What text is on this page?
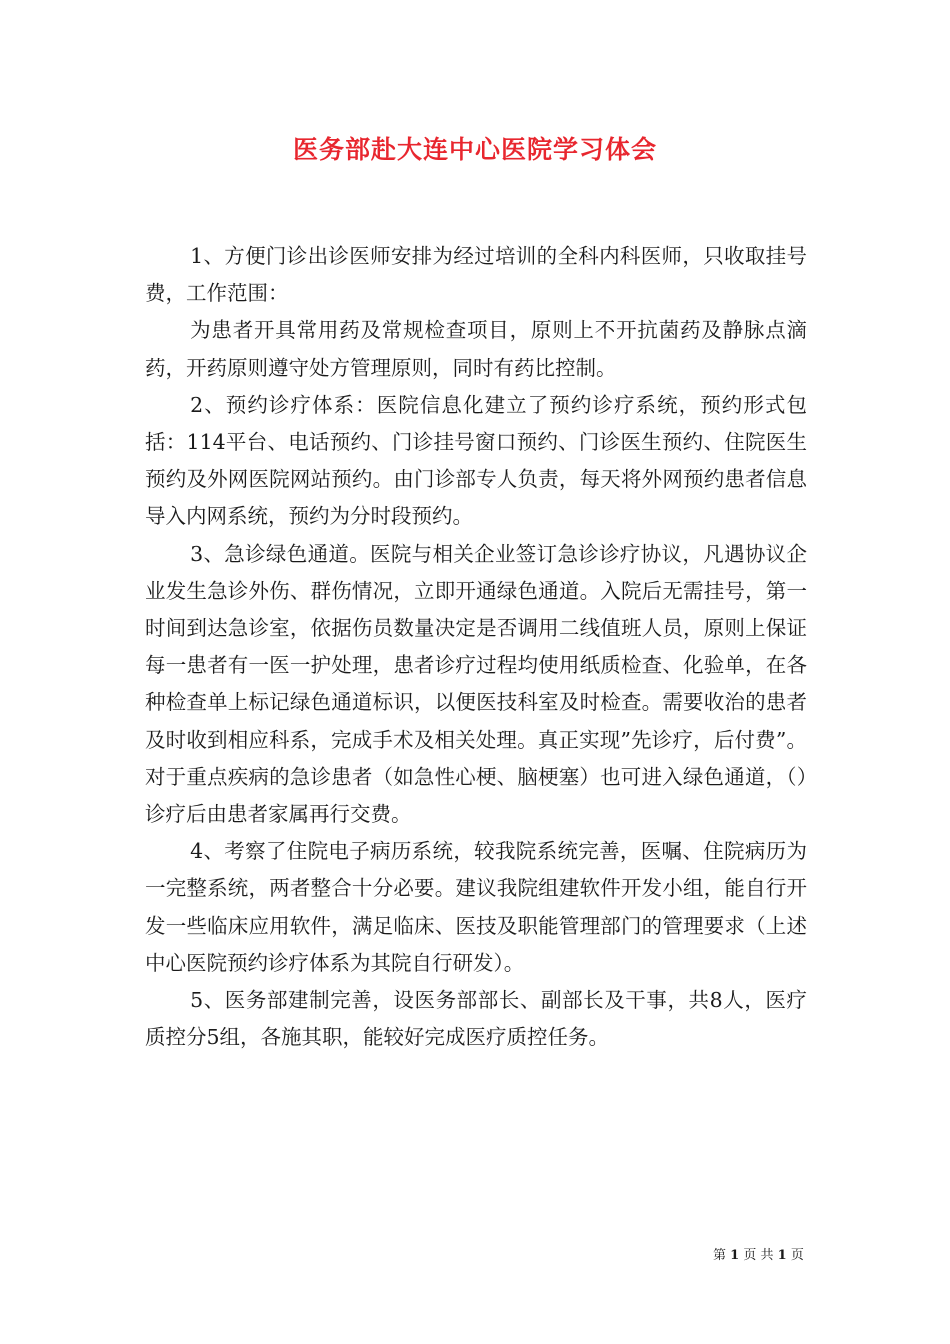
医务部赴大连中心医院学习体会

1、方便门诊出诊医师安排为经过培训的全科内科医师，只收取挂号费，工作范围：

为患者开具常用药及常规检查项目，原则上不开抗菌药及静脉点滴药，开药原则遵守处方管理原则，同时有药比控制。

2、预约诊疗体系：医院信息化建立了预约诊疗系统，预约形式包括：114平台、电话预约、门诊挂号窗口预约、门诊医生预约、住院医生预约及外网医院网站预约。由门诊部专人负责，每天将外网预约患者信息导入内网系统，预约为分时段预约。

3、急诊绿色通道。医院与相关企业签订急诊诊疗协议，凡遇协议企业发生急诊外伤、群伤情况，立即开通绿色通道。入院后无需挂号，第一时间到达急诊室，依据伤员数量决定是否调用二线值班人员，原则上保证每一患者有一医一护处理，患者诊疗过程均使用纸质检查、化验单，在各种检查单上标记绿色通道标识，以便医技科室及时检查。需要收治的患者及时收到相应科系，完成手术及相关处理。真正实现”先诊疗，后付费”。对于重点疾病的急诊患者（如急性心梗、脑梗塞）也可进入绿色通道，（）诊疗后由患者家属再行交费。

4、考察了住院电子病历系统，较我院系统完善，医嘱、住院病历为一完整系统，两者整合十分必要。建议我院组建软件开发小组，能自行开发一些临床应用软件，满足临床、医技及职能管理部门的管理要求（上述中心医院预约诊疗体系为其院自行研发）。

5、医务部建制完善，设医务部部长、副部长及干事，共8人，医疗质控分5组，各施其职，能较好完成医疗质控任务。

第 1 页 共 1 页
